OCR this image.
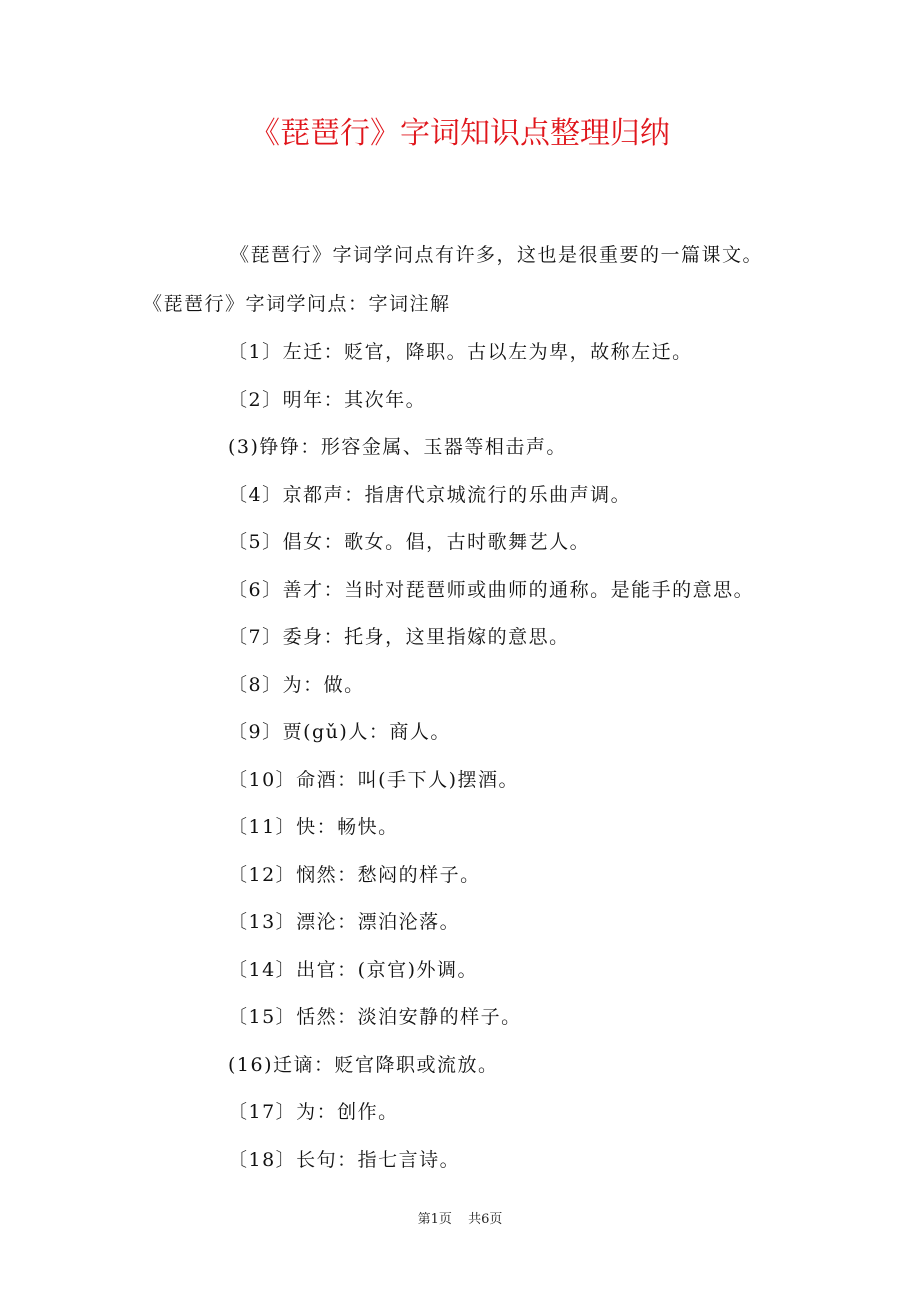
《琵琶行》字词知识点整理归纳
《琵琶行》字词学问点有许多，这也是很重要的一篇课文。
《琵琶行》字词学问点：字词注解
〔1〕左迁：贬官，降职。古以左为卑，故称左迁。
〔2〕明年：其次年。
(3)铮铮：形容金属、玉器等相击声。
〔4〕京都声：指唐代京城流行的乐曲声调。
〔5〕倡女：歌女。倡，古时歌舞艺人。
〔6〕善才：当时对琵琶师或曲师的通称。是能手的意思。
〔7〕委身：托身，这里指嫁的意思。
〔8〕为：做。
〔9〕贾(gǔ)人：商人。
〔10〕命酒：叫(手下人)摆酒。
〔11〕快：畅快。
〔12〕悯然：愁闷的样子。
〔13〕漂沦：漂泊沦落。
〔14〕出官：(京官)外调。
〔15〕恬然：淡泊安静的样子。
(16)迁谪：贬官降职或流放。
〔17〕为：创作。
〔18〕长句：指七言诗。
第1页 共6页
